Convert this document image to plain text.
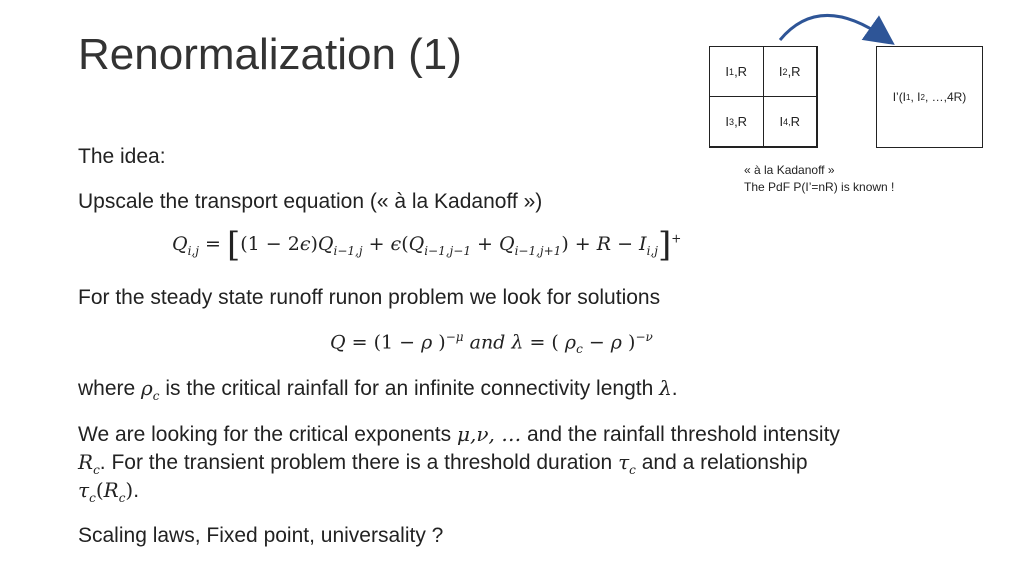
Renormalization (1)	I 1 ,R I 2 ,R
I 3 ,R I 4, R
I’(I 1 , I 2 , …,4R)
« à la Kadanoff »
The PdF P(I’=nR) is known !
The idea:
Upscale the transport equation (« à la Kadanoff »)
$Q_{i,j} = [(1 - 2\epsilon)Q_{i-1,j} + \epsilon(Q_{i-1,j-1} + Q_{i-1,j+1}) + R - I_{i,j}]^+$
For the steady state runoff runon problem we look for solutions
Q = (1 − ρ )$^{-\mu}$ and λ = ( $\rho_c - \rho$ )$^{-\nu}$
where $\rho_c$ is the critical rainfall for an infinite connectivity length λ.
We are looking for the critical exponents μ,ν, … and the rainfall threshold intensity
$R_c$. For the transient problem there is a threshold duration $\tau_c$ and a relationship
$\tau_c(R_c)$.
Scaling laws, Fixed point, universality ?
